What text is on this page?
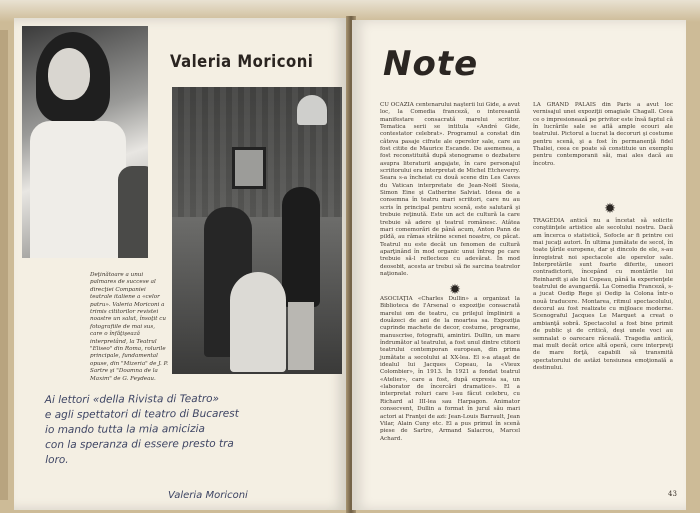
Valeria Moriconi
Deţinătoare a unui palmares de succese al direcţiei Companiei teatrale italiene a «celor patru». Valeria Moriconi a trimis cititorilor revistei noastre un salut, însoţit cu fotografiile de mai sus, care o înfăţişează interpretând, la Teatrul "Eliseo" din Roma, rolurile principale, fundamental opuse, din "Mizeria" de J. P. Sartre şi "Doamna de la Maxim" de G. Feydeau.
Ai lettori «della Rivista di Teatro»
e agli spettatori di teatro di Bucarest
io mando tutta la mia amicizia
con la speranza di essere presto tra
loro.
Valeria Moriconi
Note
CU OCAZIA centenarului naşterii lui Gide, a avut loc, la Comedia franceză, o interesantă manifestare consacrată marelui scriitor. Tematica serii se intitula «André Gide, contestator celebrat». Programul a constat din câteva pasaje cifrate ale operelor sale, care au fost citite de Maurice Escande. De asemenea, a fost reconstituită după stenograme o dezbatere asupra literaturii angajate, în care personajul scriitorului era interpretat de Michel Etcheverry. Seara s-a încheiat cu două scene din Les Caves du Vatican interpretate de Jean-Noël Sissia, Simon Eine şi Catherine Salviat. Ideea de a consemna în teatru mari scriitori, care nu au scris în principal pentru scenă, este salutară şi trebuie reţinută. Este un act de cultură la care trebuie să adere şi teatrul românesc. Atâtea mari comemorări de până acum, Anton Pann de pildă, au rămas străine scenei noastre, ce păcat. Teatrul nu este decât un fenomen de cultură aparţinând în mod organic unui întreg pe care trebuie să-l reflecteze cu adevărat. În mod deosebit, acesta ar trebui să fie sarcina teatrelor naţionale.
✹
ASOCIAŢIA «Charles Dullin» a organizat la Biblioteca de l'Arsenal o expoziţie consacrată marelui om de teatru, cu prilejul împlinirii a douăzeci de ani de la moartea sa. Expoziţia cuprinde machete de decor, costume, programe, manuscrise, fotografii, amintiri. Dullin, un mare îndrumător al teatrului, a fost unul dintre ctitorii teatrului contemporan european, din prima jumătate a secolului al XX-lea. El s-a ataşat de idealul lui Jacques Copeau, la «Vieux Colombier», în 1913. În 1921 a fondat teatrul «Atelier», care a fost, după expresia sa, un «laborator de încercări dramatice». El a interpretat roluri care l-au făcut celebru, cu Richard al III-lea sau Harpagon. Animator consecvent, Dullin a format în jurul său mari actori ai Franţei de azi: Jean-Louis Barrault, Jean Vilar, Alain Cuny etc. El a pus primul în scenă piese de Sartre, Armand Salacrou, Marcel Achard.
LA GRAND PALAIS din Paris a avut loc vernisajul unei expoziţii omagiale Chagall. Ceea ce o impresionează pe privitor este însă faptul că în lucrările sale se află ample ecouri ale teatrului. Pictorul a lucrat la decoruri şi costume pentru scenă, şi a fost în permanenţă fidel Thaliei, ceea ce poate să constituie un exemplu pentru contemporanii săi, mai ales dacă au încotro.
✹
TRAGEDIA antică nu a încetat să solicite conştiinţele artistice ale secolului nostru. Dacă am încerca o statistică, Sofocle ar fi printre cei mai jucaţi autori. În ultima jumătate de secol, în toate ţările europene, dar şi dincolo de ele, s-au înregistrat noi spectacole ale operelor sale. Interpretările sunt foarte diferite, uneori contradictorii, începând cu montările lui Reinhardt şi ale lui Copeau, până la experienţele teatrului de avangardă. La Comedia Franceză, s-a jucat Oedip Rege şi Oedip la Colona într-o nouă traducere. Montarea, ritmul spectacolului, decorul au fost realizate cu mijloace moderne. Scenograful Jacques Le Marquet a creat o ambianţă sobră. Spectacolul a fost bine primit de public şi de critică, deşi unele voci au semnalat o oarecare răceală. Tragedia antică, mai mult decât orice altă operă, cere interpreţi de mare forţă, capabili să transmită spectatorului de astăzi tensiunea emoţională a destinului.
43
